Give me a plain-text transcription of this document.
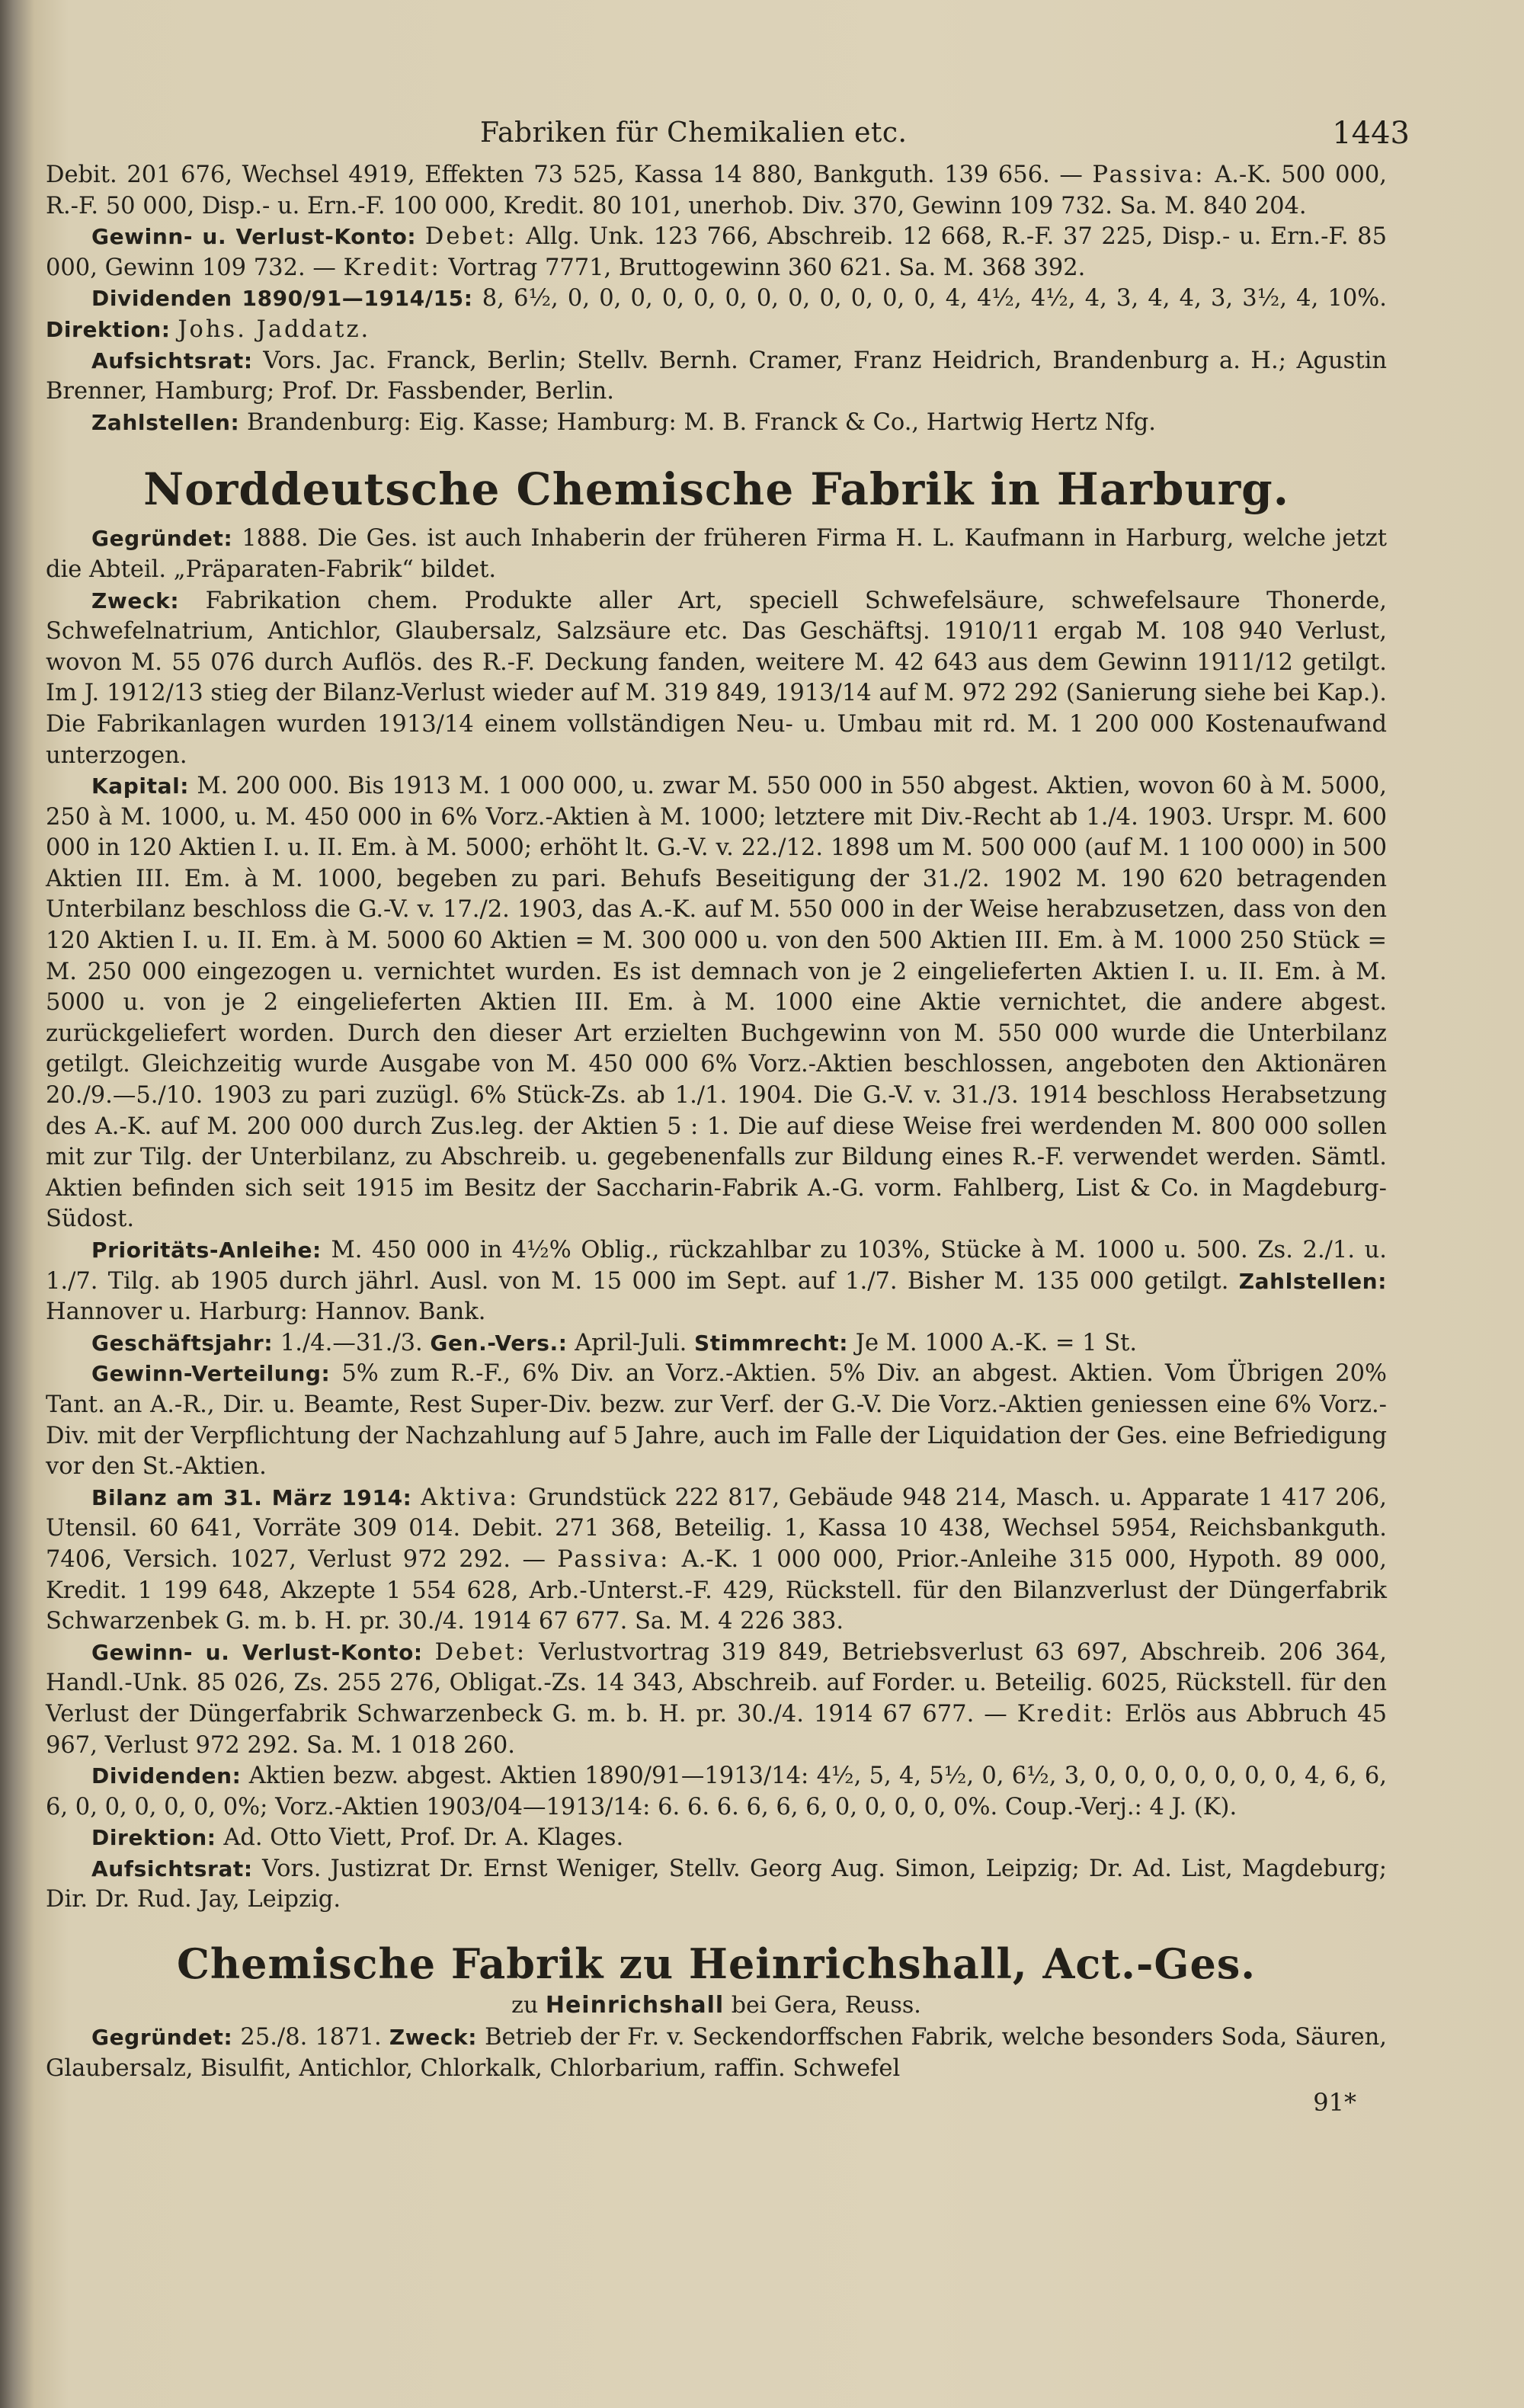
Fabriken für Chemikalien etc.	1443

Debit. 201 676, Wechsel 4919, Effekten 73 525, Kassa 14 880, Bankguth. 139 656. — Passiva: A.-K. 500 000, R.-F. 50 000, Disp.- u. Ern.-F. 100 000, Kredit. 80 101, unerhob. Div. 370, Gewinn 109 732. Sa. M. 840 204.

Gewinn- u. Verlust-Konto: Debet: Allg. Unk. 123 766, Abschreib. 12 668, R.-F. 37 225, Disp.- u. Ern.-F. 85 000, Gewinn 109 732. — Kredit: Vortrag 7771, Bruttogewinn 360 621. Sa. M. 368 392.

Dividenden 1890/91—1914/15: 8, 6½, 0, 0, 0, 0, 0, 0, 0, 0, 0, 0, 0, 0, 4, 4½, 4½, 4, 3, 4, 4, 3, 3½, 4, 10%. Direktion: Johs. Jaddatz.

Aufsichtsrat: Vors. Jac. Franck, Berlin; Stellv. Bernh. Cramer, Franz Heidrich, Brandenburg a. H.; Agustin Brenner, Hamburg; Prof. Dr. Fassbender, Berlin.

Zahlstellen: Brandenburg: Eig. Kasse; Hamburg: M. B. Franck & Co., Hartwig Hertz Nfg.

Norddeutsche Chemische Fabrik in Harburg.

Gegründet: 1888. Die Ges. ist auch Inhaberin der früheren Firma H. L. Kaufmann in Harburg, welche jetzt die Abteil. „Präparaten-Fabrik“ bildet.

Zweck: Fabrikation chem. Produkte aller Art, speciell Schwefelsäure, schwefelsaure Thonerde, Schwefelnatrium, Antichlor, Glaubersalz, Salzsäure etc. Das Geschäftsj. 1910/11 ergab M. 108 940 Verlust, wovon M. 55 076 durch Auflös. des R.-F. Deckung fanden, weitere M. 42 643 aus dem Gewinn 1911/12 getilgt. Im J. 1912/13 stieg der Bilanz-Verlust wieder auf M. 319 849, 1913/14 auf M. 972 292 (Sanierung siehe bei Kap.). Die Fabrikanlagen wurden 1913/14 einem vollständigen Neu- u. Umbau mit rd. M. 1 200 000 Kostenaufwand unterzogen.

Kapital: M. 200 000. Bis 1913 M. 1 000 000, u. zwar M. 550 000 in 550 abgest. Aktien, wovon 60 à M. 5000, 250 à M. 1000, u. M. 450 000 in 6% Vorz.-Aktien à M. 1000; letztere mit Div.-Recht ab 1./4. 1903. Urspr. M. 600 000 in 120 Aktien I. u. II. Em. à M. 5000; erhöht lt. G.-V. v. 22./12. 1898 um M. 500 000 (auf M. 1 100 000) in 500 Aktien III. Em. à M. 1000, begeben zu pari. Behufs Beseitigung der 31./2. 1902 M. 190 620 betragenden Unterbilanz beschloss die G.-V. v. 17./2. 1903, das A.-K. auf M. 550 000 in der Weise herabzusetzen, dass von den 120 Aktien I. u. II. Em. à M. 5000 60 Aktien = M. 300 000 u. von den 500 Aktien III. Em. à M. 1000 250 Stück = M. 250 000 eingezogen u. vernichtet wurden. Es ist demnach von je 2 eingelieferten Aktien I. u. II. Em. à M. 5000 u. von je 2 eingelieferten Aktien III. Em. à M. 1000 eine Aktie vernichtet, die andere abgest. zurückgeliefert worden. Durch den dieser Art erzielten Buchgewinn von M. 550 000 wurde die Unterbilanz getilgt. Gleichzeitig wurde Ausgabe von M. 450 000 6% Vorz.-Aktien beschlossen, angeboten den Aktionären 20./9.—5./10. 1903 zu pari zuzügl. 6% Stück-Zs. ab 1./1. 1904. Die G.-V. v. 31./3. 1914 beschloss Herabsetzung des A.-K. auf M. 200 000 durch Zus.leg. der Aktien 5 : 1. Die auf diese Weise frei werdenden M. 800 000 sollen mit zur Tilg. der Unterbilanz, zu Abschreib. u. gegebenenfalls zur Bildung eines R.-F. verwendet werden. Sämtl. Aktien befinden sich seit 1915 im Besitz der Saccharin-Fabrik A.-G. vorm. Fahlberg, List & Co. in Magdeburg-Südost.

Prioritäts-Anleihe: M. 450 000 in 4½% Oblig., rückzahlbar zu 103%, Stücke à M. 1000 u. 500. Zs. 2./1. u. 1./7. Tilg. ab 1905 durch jährl. Ausl. von M. 15 000 im Sept. auf 1./7. Bisher M. 135 000 getilgt. Zahlstellen: Hannover u. Harburg: Hannov. Bank.

Geschäftsjahr: 1./4.—31./3. Gen.-Vers.: April-Juli. Stimmrecht: Je M. 1000 A.-K. = 1 St.

Gewinn-Verteilung: 5% zum R.-F., 6% Div. an Vorz.-Aktien. 5% Div. an abgest. Aktien. Vom Übrigen 20% Tant. an A.-R., Dir. u. Beamte, Rest Super-Div. bezw. zur Verf. der G.-V. Die Vorz.-Aktien geniessen eine 6% Vorz.-Div. mit der Verpflichtung der Nachzahlung auf 5 Jahre, auch im Falle der Liquidation der Ges. eine Befriedigung vor den St.-Aktien.

Bilanz am 31. März 1914: Aktiva: Grundstück 222 817, Gebäude 948 214, Masch. u. Apparate 1 417 206, Utensil. 60 641, Vorräte 309 014. Debit. 271 368, Beteilig. 1, Kassa 10 438, Wechsel 5954, Reichsbankguth. 7406, Versich. 1027, Verlust 972 292. — Passiva: A.-K. 1 000 000, Prior.-Anleihe 315 000, Hypoth. 89 000, Kredit. 1 199 648, Akzepte 1 554 628, Arb.-Unterst.-F. 429, Rückstell. für den Bilanzverlust der Düngerfabrik Schwarzenbek G. m. b. H. pr. 30./4. 1914 67 677. Sa. M. 4 226 383.

Gewinn- u. Verlust-Konto: Debet: Verlustvortrag 319 849, Betriebsverlust 63 697, Abschreib. 206 364, Handl.-Unk. 85 026, Zs. 255 276, Obligat.-Zs. 14 343, Abschreib. auf Forder. u. Beteilig. 6025, Rückstell. für den Verlust der Düngerfabrik Schwarzenbeck G. m. b. H. pr. 30./4. 1914 67 677. — Kredit: Erlös aus Abbruch 45 967, Verlust 972 292. Sa. M. 1 018 260.

Dividenden: Aktien bezw. abgest. Aktien 1890/91—1913/14: 4½, 5, 4, 5½, 0, 6½, 3, 0, 0, 0, 0, 0, 0, 0, 4, 6, 6, 6, 0, 0, 0, 0, 0, 0%; Vorz.-Aktien 1903/04—1913/14: 6. 6. 6. 6, 6, 6, 0, 0, 0, 0, 0%. Coup.-Verj.: 4 J. (K).

Direktion: Ad. Otto Viett, Prof. Dr. A. Klages.

Aufsichtsrat: Vors. Justizrat Dr. Ernst Weniger, Stellv. Georg Aug. Simon, Leipzig; Dr. Ad. List, Magdeburg; Dir. Dr. Rud. Jay, Leipzig.

Chemische Fabrik zu Heinrichshall, Act.-Ges.
zu Heinrichshall bei Gera, Reuss.

Gegründet: 25./8. 1871. Zweck: Betrieb der Fr. v. Seckendorffschen Fabrik, welche besonders Soda, Säuren, Glaubersalz, Bisulfit, Antichlor, Chlorkalk, Chlorbarium, raffin. Schwefel

91*
